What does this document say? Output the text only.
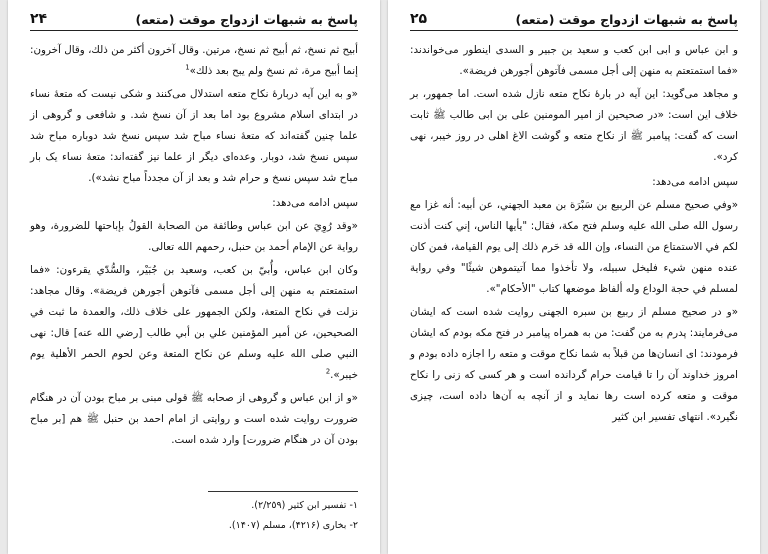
پاسخ به شبهات ازدواج موقت (متعه)
۲۴

أبيح ثم نسخ، ثم أبيح ثم نسخ، مرتين. وقال آخرون أكثر من ذلك، وقال آخرون: إنما أبيح مرة، ثم نسخ ولم يبح بعد ذلك»$^1$

«و به این آیه دربارهٔ نکاح متعه استدلال می‌کنند و شکی نیست که متعهٔ نساء در ابتدای اسلام مشروع بود اما بعد از آن نسخ شد. و شافعی و گروهی از علما چنین گفته‌اند که متعهٔ نساء مباح شد سپس نسخ شد دوباره مباح شد سپس نسخ شد، دوبار. وعده‌ای دیگر از علما نیز گفته‌اند: متعهٔ نساء یک بار مباح شد سپس نسخ و حرام شد و بعد از آن مجدداً مباح نشد»).

سپس ادامه می‌دهد:

«وقد رُوِيَ عن ابن عباس وطائفة من الصحابة القولُ بإباحتها للضرورة، وهو رواية عن الإمام أحمد بن حنبل، رحمهم الله تعالى.

وكان ابن عباس، وأُبيّ بن كعب، وسعيد بن جُبَيْر، والسُّدّي يقرءون: «فما استمتعتم به منهن إلى أجل مسمى فآتوهن أجورهن فريضة». وقال مجاهد: نزلت في نكاح المتعة، ولكن الجمهور على خلاف ذلك، والعمدة ما ثبت في الصحيحين، عن أمير المؤمنين علي بن أبي طالب [رضي الله عنه] قال: نهى النبي صلى الله عليه وسلم عن نكاح المتعة وعن لحوم الحمر الأهلية يوم خيبر».$^2$

«و از ابن عباس و گروهی از صحابه ﷺ قولی مبنی بر مباح بودن آن در هنگام ضرورت روایت شده است و روایتی از امام احمد بن حنبل ﷺ هم [بر مباح بودن آن در هنگام ضرورت] وارد شده است.

١- تفسیر ابن کثیر (٢/٢٥٩).

٢- بخاری (۴۲۱۶)، مسلم (١۴٠٧).

پاسخ به شبهات ازدواج موقت (متعه)
۲۵

و ابن عباس و ابی ابن کعب و سعید بن جبیر و السدی اینطور می‌خواندند: «فما استمتعتم به منهن إلى أجل مسمى فآتوهن أجورهن فريضة».

و مجاهد می‌گوید: این آیه در بارهٔ نکاح متعه نازل شده است. اما جمهور، بر خلاف این است: «در صحیحین از امیر المومنین علی بن ابی طالب ﷺ ثابت است که گفت: پیامبر ﷺ از نکاح متعه و گوشت الاغ اهلی در روز خیبر، نهی کرد».

سپس ادامه می‌دهد:

«وفي صحيح مسلم عن الربيع بن سَبْرَة بن معبد الجهني، عن أبيه: أنه غزا مع رسول الله صلى الله عليه وسلم فتح مكة، فقال: "يأيها الناس، إني كنت أذنت لكم في الاستمتاع من النساء، وإن الله قد حَرم ذلك إلى يوم القيامة، فمن كان عنده منهن شيء فليخل سبيله، ولا تأخذوا مما آتيتموهن شيئًا" وفي رواية لمسلم في حجة الوداع وله ألفاظ موضعها كتاب "الأحكام"».

«و در صحیح مسلم از ربیع بن سبره الجهنی روایت شده است که ایشان می‌فرمایند: پدرم به من گفت: من به همراه پیامبر در فتح مکه بودم که ایشان فرمودند: ای انسان‌ها من قبلاً به شما نکاح موقت و متعه را اجازه داده بودم و امروز خداوند آن را تا قیامت حرام گردانده است و هر کسی که زنی را نکاح موقت و متعه کرده است رها نماید و از آنچه به آن‌ها داده است، چیزی نگیرد». انتهای تفسیر ابن کثیر
